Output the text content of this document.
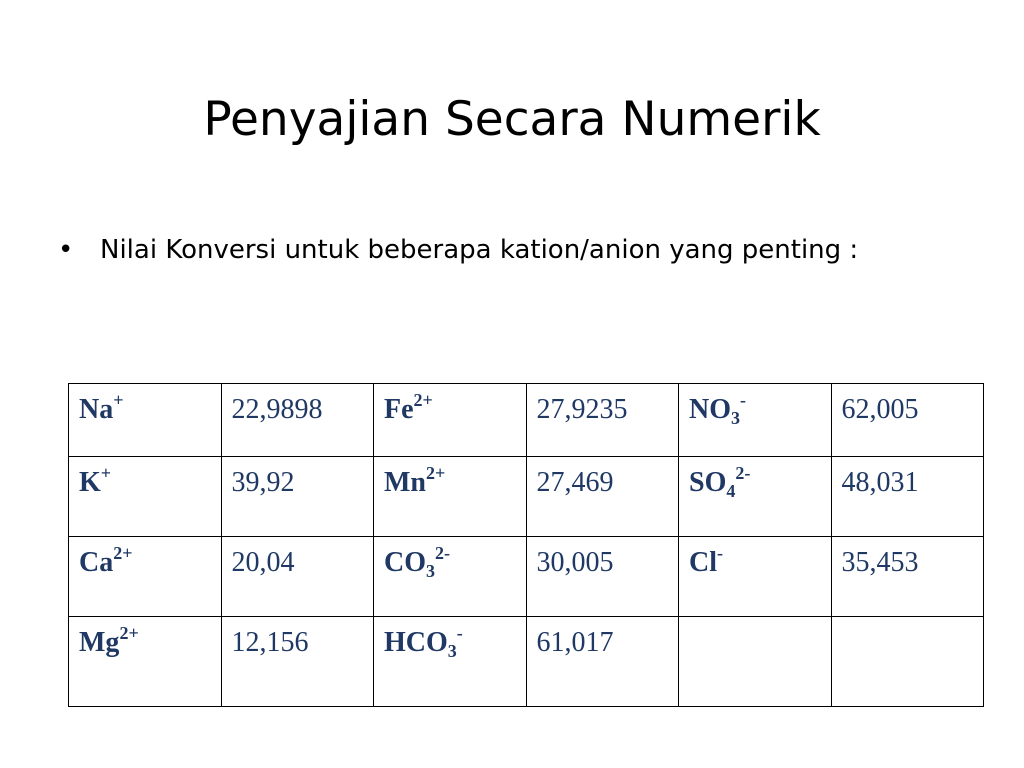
Penyajian Secara Numerik
•	Nilai Konversi untuk beberapa kation/anion yang penting :
Na+	22,9898	$Fe^{2+}$	27,9235	$NO_3^-$	62,005
K+	39,92	$Mn^{2+}$	27,469	$SO_4^{2-}$	48,031
$Ca^{2+}$	20,04	$CO_3^{2-}$	30,005	Cl-	35,453
$Mg^{2+}$	12,156	$HCO_3^-$	61,017		
